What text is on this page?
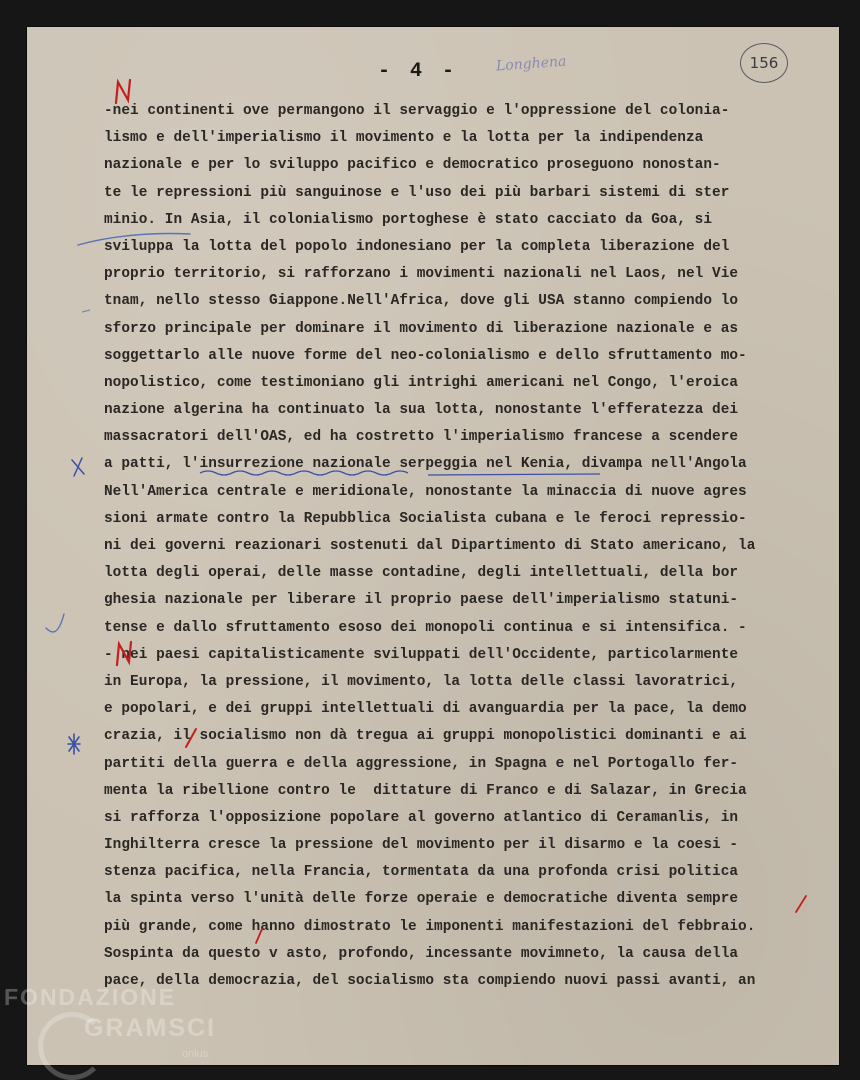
- 4 -	Longhena	156
-nei continenti ove permangono il servaggio e l'oppressione del colonia-
lismo e dell'imperialismo il movimento e la lotta per la indipendenza
nazionale e per lo sviluppo pacifico e democratico proseguono nonostan-
te le repressioni più sanguinose e l'uso dei più barbari sistemi di ster
minio. In Asia, il colonialismo portoghese è stato cacciato da Goa, si
sviluppa la lotta del popolo indonesiano per la completa liberazione del
proprio territorio, si rafforzano i movimenti nazionali nel Laos, nel Vie
tnam, nello stesso Giappone.Nell'Africa, dove gli USA stanno compiendo lo
sforzo principale per dominare il movimento di liberazione nazionale e as
soggettarlo alle nuove forme del neo-colonialismo e dello sfruttamento mo-
nopolistico, come testimoniano gli intrighi americani nel Congo, l'eroica
nazione algerina ha continuato la sua lotta, nonostante l'efferatezza dei
massacratori dell'OAS, ed ha costretto l'imperialismo francese a scendere
a patti, l'insurrezione nazionale serpeggia nel Kenia, divampa nell'Angola
Nell'America centrale e meridionale, nonostante la minaccia di nuove agres
sioni armate contro la Repubblica Socialista cubana e le feroci repressio-
ni dei governi reazionari sostenuti dal Dipartimento di Stato americano, la
lotta degli operai, delle masse contadine, degli intellettuali, della bor
ghesia nazionale per liberare il proprio paese dell'imperialismo statuni-
tense e dallo sfruttamento esoso dei monopoli continua e si intensifica. -
- nei paesi capitalisticamente sviluppati dell'Occidente, particolarmente
in Europa, la pressione, il movimento, la lotta delle classi lavoratrici,
e popolari, e dei gruppi intellettuali di avanguardia per la pace, la demo
crazia, il socialismo non dà tregua ai gruppi monopolistici dominanti e ai
partiti della guerra e della aggressione, in Spagna e nel Portogallo fer-
menta la ribellione contro le  dittature di Franco e di Salazar, in Grecia
si rafforza l'opposizione popolare al governo atlantico di Ceramanlis, in
Inghilterra cresce la pressione del movimento per il disarmo e la coesi -
stenza pacifica, nella Francia, tormentata da una profonda crisi politica
la spinta verso l'unità delle forze operaie e democratiche diventa sempre
più grande, come hanno dimostrato le imponenti manifestazioni del febbraio.
Sospinta da questo v asto, profondo, incessante movimneto, la causa della
pace, della democrazia, del socialismo sta compiendo nuovi passi avanti, an
FONDAZIONE
GRAMSCI
onlus
